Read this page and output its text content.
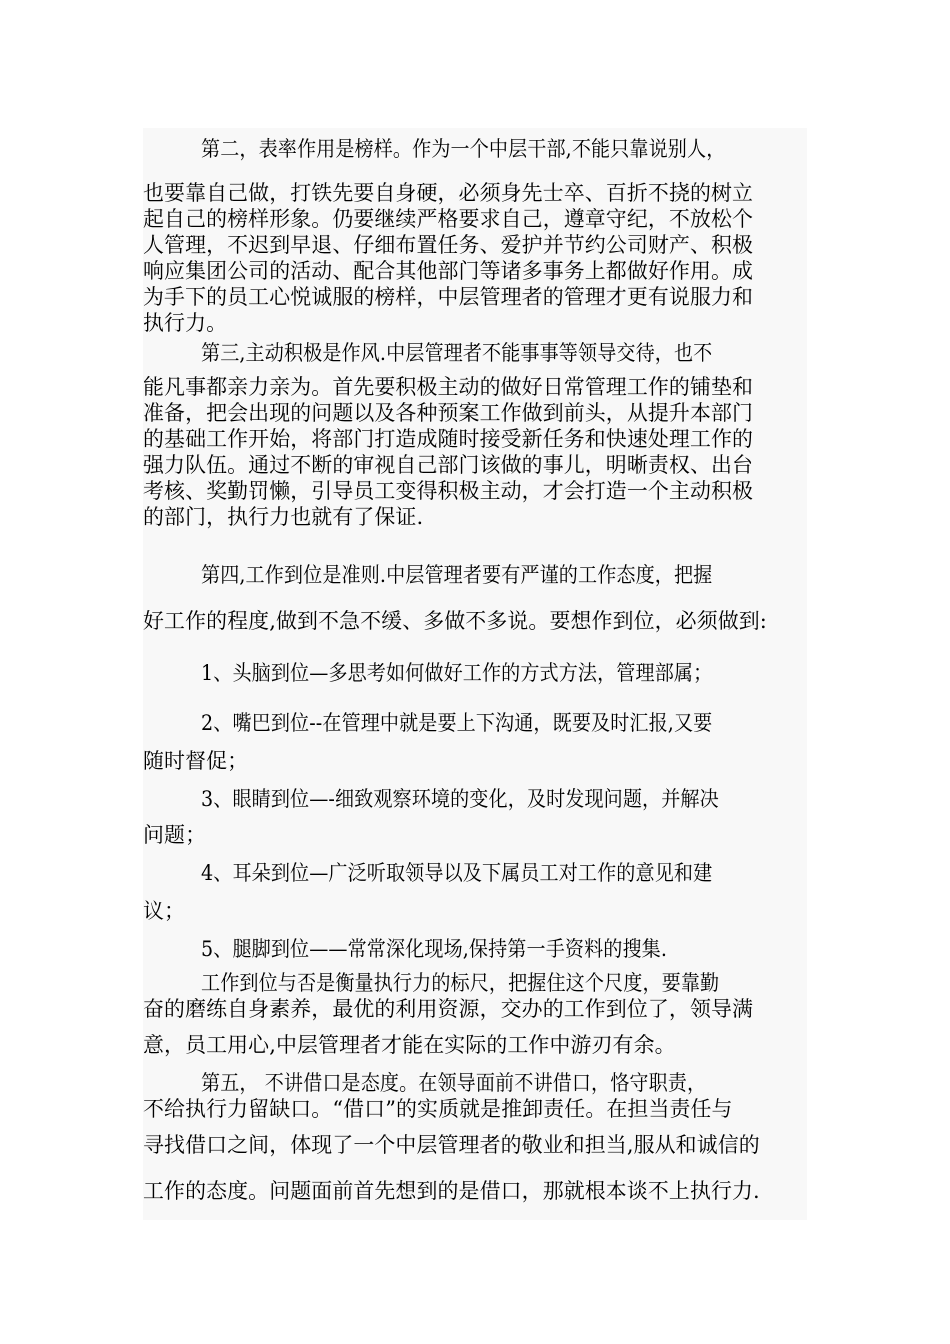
第二，表率作用是榜样。作为一个中层干部,不能只靠说别人，
也要靠自己做，打铁先要自身硬，必须身先士卒、百折不挠的树立
起自己的榜样形象。仍要继续严格要求自己，遵章守纪，不放松个
人管理，不迟到早退、仔细布置任务、爱护并节约公司财产、积极
响应集团公司的活动、配合其他部门等诸多事务上都做好作用。成
为手下的员工心悦诚服的榜样，中层管理者的管理才更有说服力和
执行力。
第三,主动积极是作风.中层管理者不能事事等领导交待，也不
能凡事都亲力亲为。首先要积极主动的做好日常管理工作的铺垫和
准备，把会出现的问题以及各种预案工作做到前头，从提升本部门
的基础工作开始，将部门打造成随时接受新任务和快速处理工作的
强力队伍。通过不断的审视自己部门该做的事儿，明晰责权、出台
考核、奖勤罚懒，引导员工变得积极主动，才会打造一个主动积极
的部门，执行力也就有了保证.
第四,工作到位是准则.中层管理者要有严谨的工作态度，把握
好工作的程度,做到不急不缓、多做不多说。要想作到位，必须做到:
1、头脑到位—多思考如何做好工作的方式方法，管理部属；
2、嘴巴到位--在管理中就是要上下沟通，既要及时汇报,又要
随时督促；
3、眼睛到位—-细致观察环境的变化，及时发现问题，并解决
问题；
4、耳朵到位—广泛听取领导以及下属员工对工作的意见和建
议；
5、腿脚到位——常常深化现场,保持第一手资料的搜集.
工作到位与否是衡量执行力的标尺，把握住这个尺度，要靠勤
奋的磨练自身素养，最优的利用资源，交办的工作到位了，领导满
意，员工用心,中层管理者才能在实际的工作中游刃有余。
第五， 不讲借口是态度。在领导面前不讲借口，恪守职责，
不给执行力留缺口。“借口”的实质就是推卸责任。在担当责任与
寻找借口之间，体现了一个中层管理者的敬业和担当,服从和诚信的
工作的态度。问题面前首先想到的是借口，那就根本谈不上执行力.
